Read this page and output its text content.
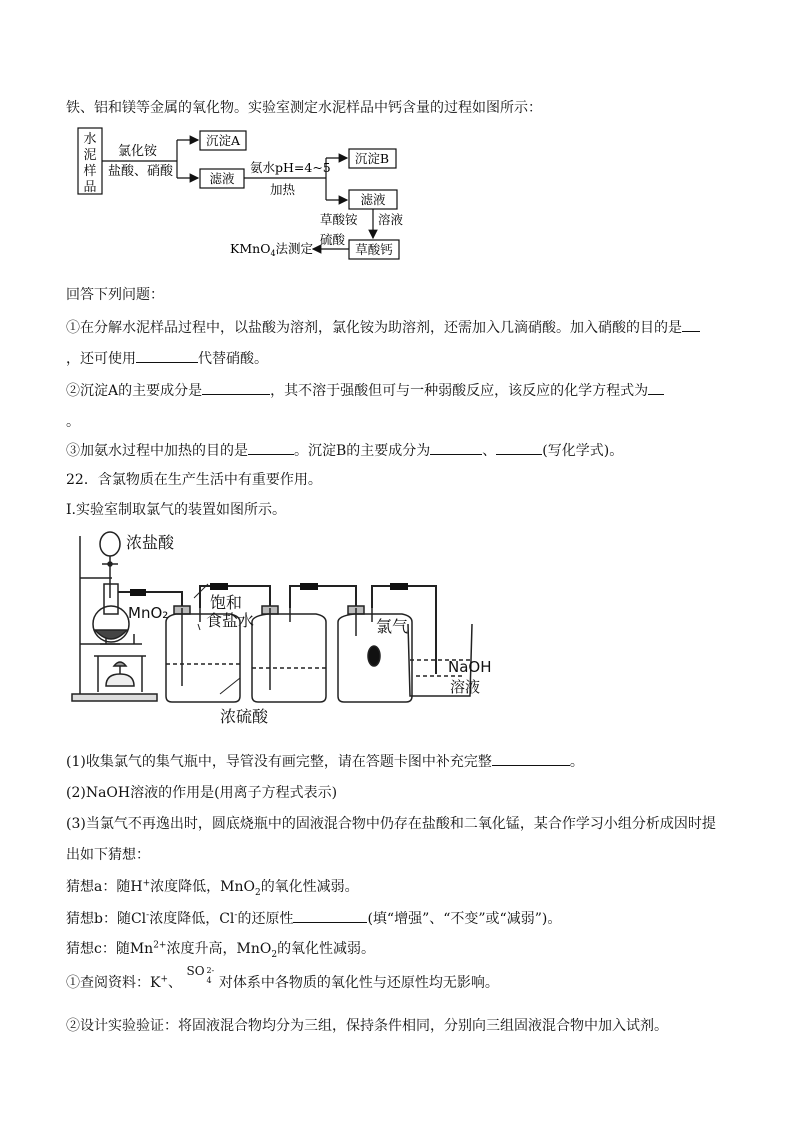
铁、铝和镁等金属的氧化物。实验室测定水泥样品中钙含量的过程如图所示：
水
泥
样
品
氯化铵
盐酸、硝酸
沉淀A
滤液
氨水pH=4~5
加热
沉淀B
滤液
草酸铵 溶液
草酸钙
硫酸
KMnO$_4$法测定
回答下列问题：
①在分解水泥样品过程中，以盐酸为溶剂，氯化铵为助溶剂，还需加入几滴硝酸。加入硝酸的目的是
，还可使用	代替硝酸。
②沉淀A的主要成分是	，其不溶于强酸但可与一种弱酸反应，该反应的化学方程式为
。
③加氨水过程中加热的目的是	。沉淀B的主要成分为	、	(写化学式)。
22．含氯物质在生产生活中有重要作用。
I.实验室制取氯气的装置如图所示。
浓盐酸
MnO₂
饱和
食盐水	氯气
NaOH
溶液
浓硫酸
(1)收集氯气的集气瓶中，导管没有画完整，请在答题卡图中补充完整	。
(2)NaOH溶液的作用是(用离子方程式表示)
(3)当氯气不再逸出时，圆底烧瓶中的固液混合物中仍存在盐酸和二氧化锰，某合作学习小组分析成因时提
出如下猜想：
猜想a：随H+浓度降低，MnO$_2$的氧化性减弱。
猜想b：随Cl-浓度降低，Cl-的还原性	(填“增强”、“不变”或“减弱”)。
猜想c：随$Mn^{2+}$浓度升高，MnO$_2$的氧化性减弱。
①查阅资料：K+、
SO 2-
4 对体系中各物质的氧化性与还原性均无影响。
②设计实验验证：将固液混合物均分为三组，保持条件相同，分别向三组固液混合物中加入试剂。
